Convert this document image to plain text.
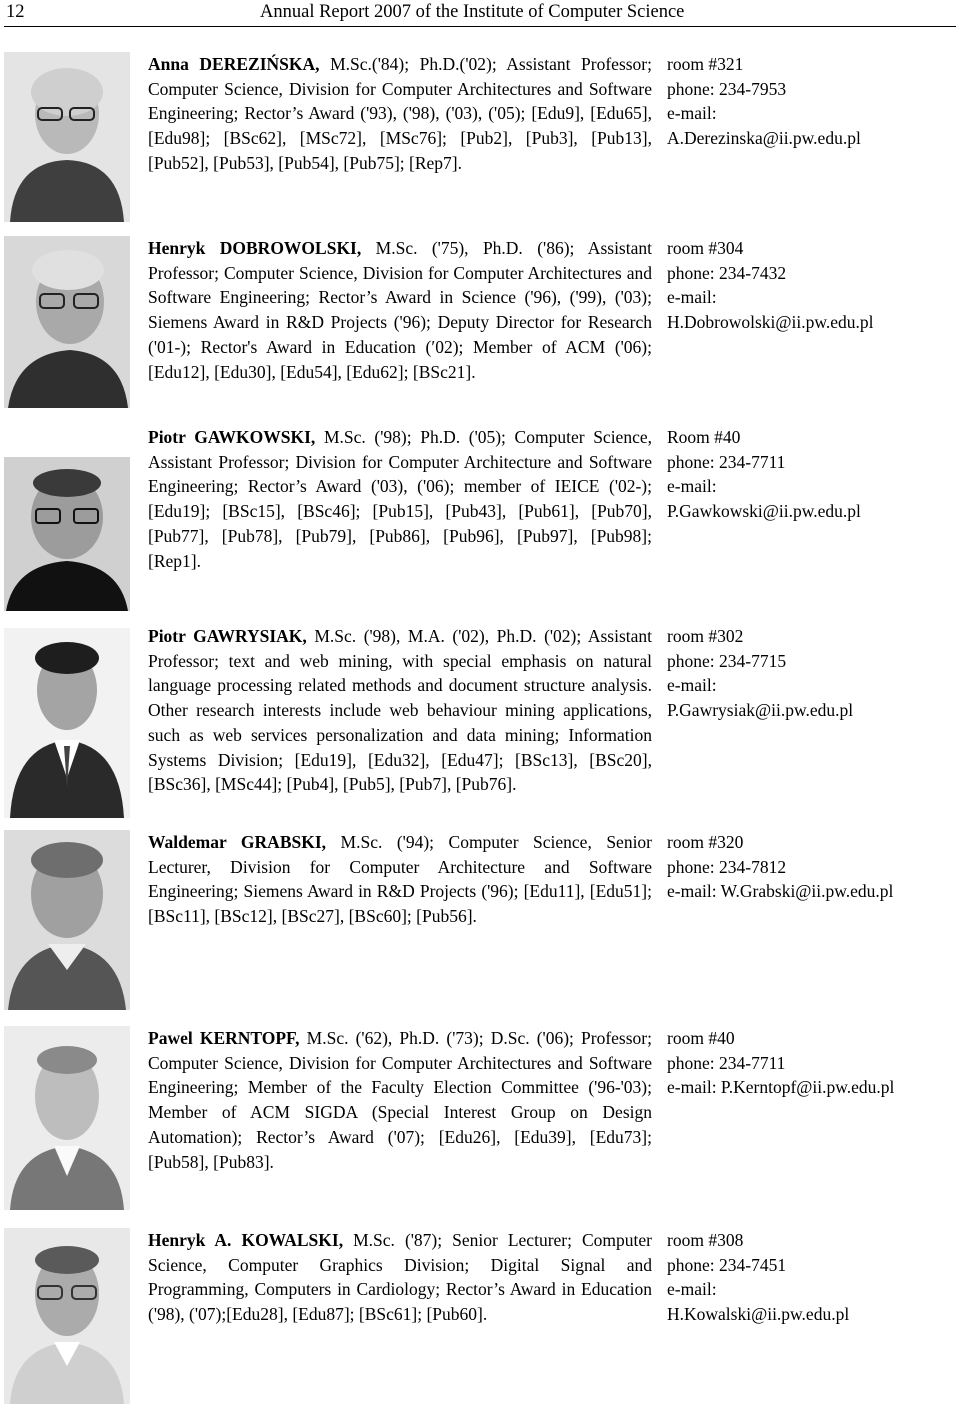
12	Annual Report 2007 of the Institute of Computer Science
Anna DEREZIŃSKA, M.Sc.('84); Ph.D.('02); Assistant Professor; Computer Science, Division for Computer Architectures and Software Engineering; Rector’s Award ('93), ('98), ('03), ('05); [Edu9], [Edu65], [Edu98]; [BSc62], [MSc72], [MSc76]; [Pub2], [Pub3], [Pub13], [Pub52], [Pub53], [Pub54], [Pub75]; [Rep7].
room #321
phone: 234-7953
e-mail:
A.Derezinska@ii.pw.edu.pl
Henryk DOBROWOLSKI, M.Sc. ('75), Ph.D. ('86); Assistant Professor; Computer Science, Division for Computer Architectures and Software Engineering; Rector’s Award in Science ('96), ('99), ('03); Siemens Award in R&D Projects ('96); Deputy Director for Research ('01-); Rector's Award in Education (′02); Member of ACM ('06); [Edu12], [Edu30], [Edu54], [Edu62]; [BSc21].
room #304
phone: 234-7432
e-mail:
H.Dobrowolski@ii.pw.edu.pl
Piotr GAWKOWSKI, M.Sc. ('98); Ph.D. ('05); Computer Science, Assistant Professor; Division for Computer Architecture and Software Engineering; Rector’s Award ('03), ('06); member of IEICE ('02-); [Edu19]; [BSc15], [BSc46]; [Pub15], [Pub43], [Pub61], [Pub70], [Pub77], [Pub78], [Pub79], [Pub86], [Pub96], [Pub97], [Pub98]; [Rep1].
Room #40
phone: 234-7711
e-mail:
P.Gawkowski@ii.pw.edu.pl
Piotr GAWRYSIAK, M.Sc. ('98), M.A. ('02), Ph.D. ('02); Assistant Professor; text and web mining, with special emphasis on natural language processing related methods and document structure analysis. Other research interests include web behaviour mining applications, such as web services personalization and data mining; Information Systems Division; [Edu19], [Edu32], [Edu47]; [BSc13], [BSc20], [BSc36], [MSc44]; [Pub4], [Pub5], [Pub7], [Pub76].
room #302
phone: 234-7715
e-mail:
P.Gawrysiak@ii.pw.edu.pl
Waldemar GRABSKI, M.Sc. ('94); Computer Science, Senior Lecturer, Division for Computer Architecture and Software Engineering; Siemens Award in R&D Projects ('96); [Edu11], [Edu51]; [BSc11], [BSc12], [BSc27], [BSc60]; [Pub56].
room #320
phone: 234-7812
e-mail: W.Grabski@ii.pw.edu.pl
Pawel KERNTOPF, M.Sc. ('62), Ph.D. ('73); D.Sc. ('06); Professor; Computer Science, Division for Computer Architectures and Software Engineering; Member of the Faculty Election Committee ('96-'03); Member of ACM SIGDA (Special Interest Group on Design Automation); Rector’s Award ('07); [Edu26], [Edu39], [Edu73]; [Pub58], [Pub83].
room #40
phone: 234-7711
e-mail: P.Kerntopf@ii.pw.edu.pl
Henryk A. KOWALSKI, M.Sc. ('87); Senior Lecturer; Computer Science, Computer Graphics Division; Digital Signal and Programming, Computers in Cardiology; Rector’s Award in Education ('98), ('07);[Edu28], [Edu87]; [BSc61]; [Pub60].
room #308
phone: 234-7451
e-mail:
H.Kowalski@ii.pw.edu.pl
